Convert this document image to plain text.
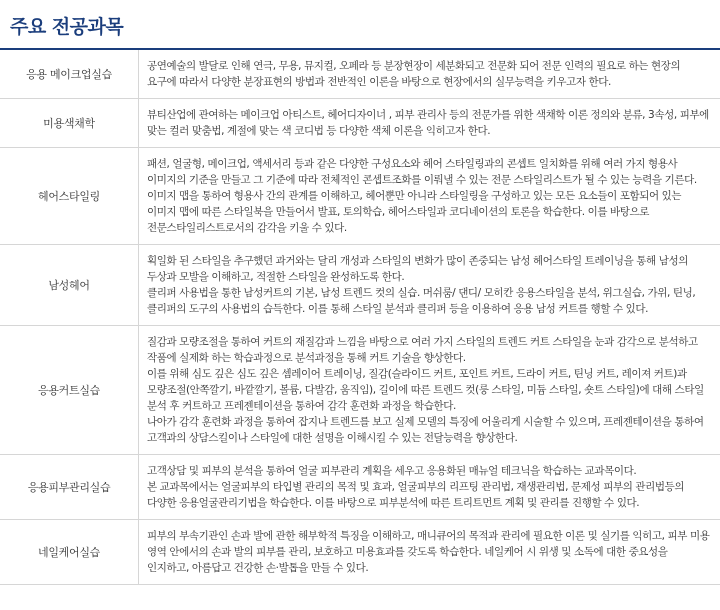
주요 전공과목
응용 메이크업실습

공연예술의 발달로 인해 연극, 무용, 뮤지컬, 오페라 등 분장현장이 세분화되고 전문화 되어 전문 인력의 필요로 하는 현장의 요구에 따라서 다양한 분장표현의 방법과 전반적인 이론을 바탕으로 현장에서의 실무능력을 키우고자 한다.

미용색채학

뷰티산업에 관여하는 메이크업 아티스트, 헤어디자이너 , 피부 관리사 등의 전문가를 위한 색채학 이론 정의와 분류, 3속성, 피부에 맞는 컬러 맞춤법, 계절에 맞는 색 코디법 등 다양한 색체 이론을 익히고자 한다.

헤어스타일링

패션, 얼굴형, 메이크업, 액세서리 등과 같은 다양한 구성요소와 헤어 스타일링과의 콘셉트 일치화를 위해 여러 가지 형용사 이미지의 기준을 만들고 그 기준에 따라 전체적인 콘셉트조화를 이뤄낼 수 있는 전문 스타일리스트가 될 수 있는 능력을 기른다. 이미지 맵을 통하여 형용사 간의 관계를 이해하고, 헤어뿐만 아니라 스타일링을 구성하고 있는 모든 요소들이 포함되어 있는 이미지 맵에 따른 스타일북을 만들어서 발표, 토의학습, 헤어스타일과 코디네이션의 토론을 학습한다. 이를 바탕으로 전문스타일리스트로서의 감각을 키울 수 있다.

남성헤어

획일화 된 스타일을 추구했던 과거와는 달리 개성과 스타일의 변화가 많이 존중되는 남성 헤어스타일 트레이닝을 통해 남성의 두상과 모발을 이해하고, 적절한 스타일을 완성하도록 한다.

클리퍼 사용법을 통한 남성커트의 기본, 남성 트렌드 컷의 실습. 머쉬룸/ 댄디/ 모히칸 응용스타일을 분석, 위그실습, 가위, 틴닝, 클리퍼의 도구의 사용법의 습득한다. 이를 통해 스타일 분석과 클리퍼 등을 이용하여 응용 남성 커트를 행할 수 있다.

응용커트실습

질감과 모량조절을 통하여 커트의 재질감과 느낌을 바탕으로 여러 가지 스타일의 트렌드 커트 스타일을 눈과 감각으로 분석하고 작품에 실제화 하는 학습과정으로 분석과정을 통해 커트 기술을 향상한다.

이를 위해 심도 깊은 심도 깊은 셈레이어 트레이닝, 질감(슬라이드 커트, 포인트 커트, 드라이 커트, 틴닝 커트, 레이져 커트)과 모량조절(안쪽깔기, 바깥깔기, 볼륨, 다발감, 움직임), 길이에 따른 트렌드 컷(룽 스타일, 미듐 스타일, 숏트 스타일)에 대해 스타일 분석 후 커트하고 프레젠테이션을 통하여 감각 훈련화 과정을 학습한다.

나아가 감각 훈련화 과정을 통하여 잡지나 트렌드를 보고 실제 모델의 특징에 어울리게 시술할 수 있으며, 프레젠테이션을 통하여 고객과의 상담스킬이나 스타일에 대한 설명을 이해시킬 수 있는 전달능력을 향상한다.

응용피부관리실습

고객상담 및 피부의 분석을 통하여 얼굴 피부관리 계획을 세우고 응용화된 매뉴얼 테크닉을 학습하는 교과목이다.

본 교과목에서는 얼굴피부의 타입별 관리의 목적 및 효과, 얼굴피부의 리프팅 관리법, 재생관리법, 문제성 피부의 관리법등의 다양한 응용얼굴관리기법을 학습한다. 이를 바탕으로 피부분석에 따른 트리트먼트 계획 및 관리를 진행할 수 있다.

네일케어실습

피부의 부속기관인 손과 발에 관한 해부학적 특징을 이해하고, 매니큐어의 목적과 관리에 필요한 이론 및 실기를 익히고, 피부 미용 영역 안에서의 손과 발의 피부를 관리, 보호하고 미용효과를 갖도록 학습한다. 네일케어 시 위생 및 소독에 대한 중요성을 인지하고, 아름답고 건강한 손·발톱을 만들 수 있다.
